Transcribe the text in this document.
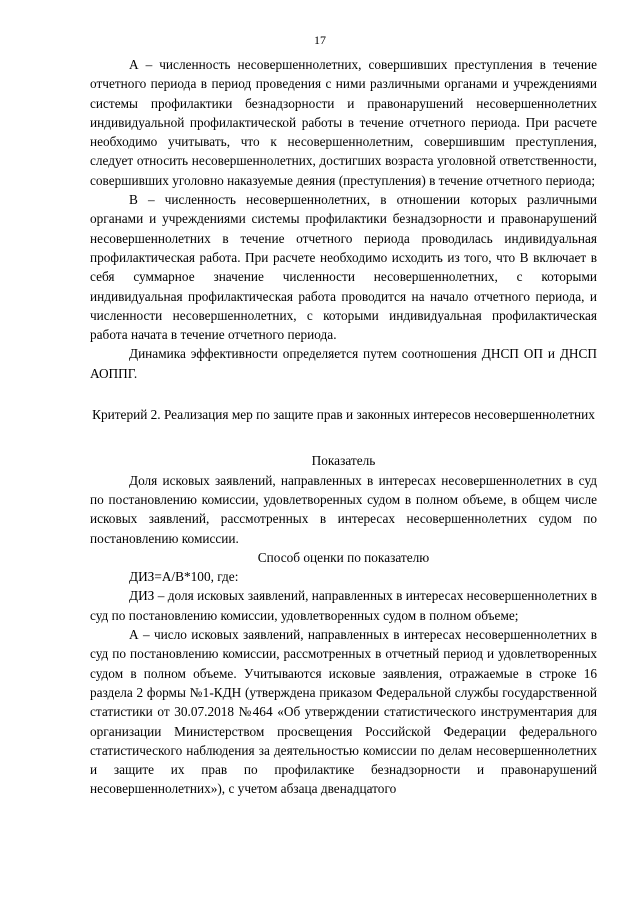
17

А – численность несовершеннолетних, совершивших преступления в течение отчетного периода в период проведения с ними различными органами и учреждениями системы профилактики безнадзорности и правонарушений несовершеннолетних индивидуальной профилактической работы в течение отчетного периода. При расчете необходимо учитывать, что к несовершеннолетним, совершившим преступления, следует относить несовершеннолетних, достигших возраста уголовной ответственности, совершивших уголовно наказуемые деяния (преступления) в течение отчетного периода;

В – численность несовершеннолетних, в отношении которых различными органами и учреждениями системы профилактики безнадзорности и правонарушений несовершеннолетних в течение отчетного периода проводилась индивидуальная профилактическая работа. При расчете необходимо исходить из того, что В включает в себя суммарное значение численности несовершеннолетних, с которыми индивидуальная профилактическая работа проводится на начало отчетного периода, и численности несовершеннолетних, с которыми индивидуальная профилактическая работа начата в течение отчетного периода.

Динамика эффективности определяется путем соотношения ДНСП ОП и ДНСП АОППГ.

Критерий 2. Реализация мер по защите прав и законных интересов несовершеннолетних

Показатель

Доля исковых заявлений, направленных в интересах несовершеннолетних в суд по постановлению комиссии, удовлетворенных судом в полном объеме, в общем числе исковых заявлений, рассмотренных в интересах несовершеннолетних судом по постановлению комиссии.

Способ оценки по показателю

ДИЗ=А/В*100, где:

ДИЗ – доля исковых заявлений, направленных в интересах несовершеннолетних в суд по постановлению комиссии, удовлетворенных судом в полном объеме;

А – число исковых заявлений, направленных в интересах несовершеннолетних в суд по постановлению комиссии, рассмотренных в отчетный период и удовлетворенных судом в полном объеме. Учитываются исковые заявления, отражаемые в строке 16 раздела 2 формы №1-КДН (утверждена приказом Федеральной службы государственной статистики от 30.07.2018 №464 «Об утверждении статистического инструментария для организации Министерством просвещения Российской Федерации федерального статистического наблюдения за деятельностью комиссии по делам несовершеннолетних и защите их прав по профилактике безнадзорности и правонарушений несовершеннолетних»), с учетом абзаца двенадцатого
